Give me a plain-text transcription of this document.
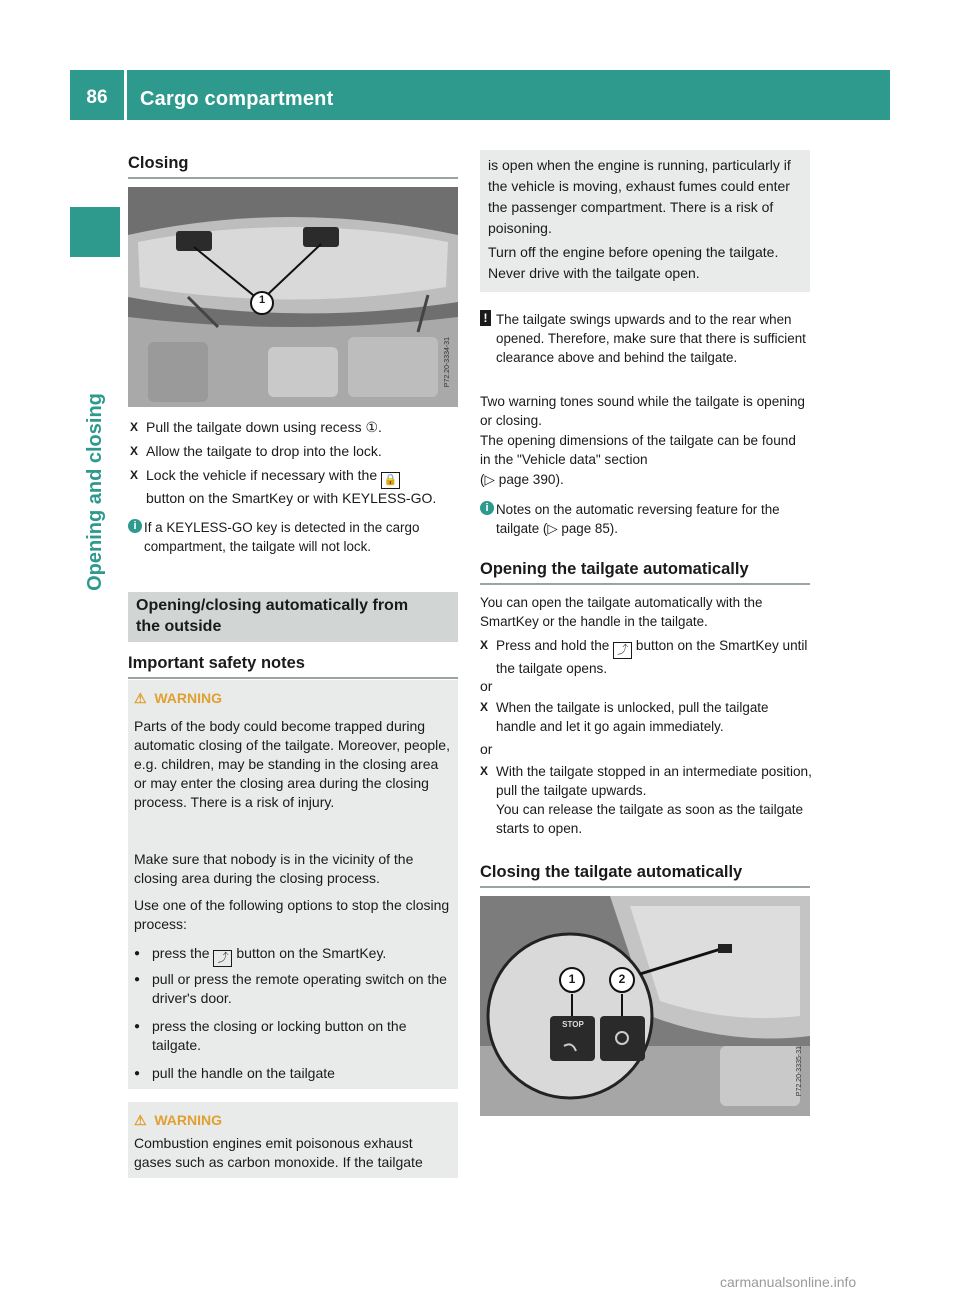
86	Cargo compartment
Opening and closing
Closing
1
P72.20-3334-31
X Pull the tailgate down using recess ①.
X Allow the tailgate to drop into the lock.
X Lock the vehicle if necessary with the 🔒
button on the SmartKey or with KEYLESS-GO.
i If a KEYLESS-GO key is detected in the cargo compartment, the tailgate will not lock.
Opening/closing automatically from
the outside
Important safety notes
⚠ WARNING
Parts of the body could become trapped during automatic closing of the tailgate. Moreover, people, e.g. children, may be standing in the closing area or may enter the closing area during the closing process. There is a risk of injury.
Make sure that nobody is in the vicinity of the closing area during the closing process.
Use one of the following options to stop the closing process:
● press the ⤴ button on the SmartKey.
● pull or press the remote operating switch on the driver's door.
● press the closing or locking button on the tailgate.
● pull the handle on the tailgate
⚠ WARNING
Combustion engines emit poisonous exhaust gases such as carbon monoxide. If the tailgate
is open when the engine is running, particularly if the vehicle is moving, exhaust fumes could enter the passenger compartment. There is a risk of poisoning.
Turn off the engine before opening the tailgate. Never drive with the tailgate open.
! The tailgate swings upwards and to the rear when opened. Therefore, make sure that there is sufficient clearance above and behind the tailgate.
Two warning tones sound while the tailgate is opening or closing.
The opening dimensions of the tailgate can be found in the "Vehicle data" section
(▷ page 390).
i Notes on the automatic reversing feature for the tailgate (▷ page 85).
Opening the tailgate automatically
You can open the tailgate automatically with the SmartKey or the handle in the tailgate.
X Press and hold the ⤴ button on the SmartKey until the tailgate opens.
or
X When the tailgate is unlocked, pull the tailgate handle and let it go again immediately.
or
X With the tailgate stopped in an intermediate position, pull the tailgate upwards.
You can release the tailgate as soon as the tailgate starts to open.
Closing the tailgate automatically
1	2
STOP
P72.20-3335-31
carmanualsonline.info
